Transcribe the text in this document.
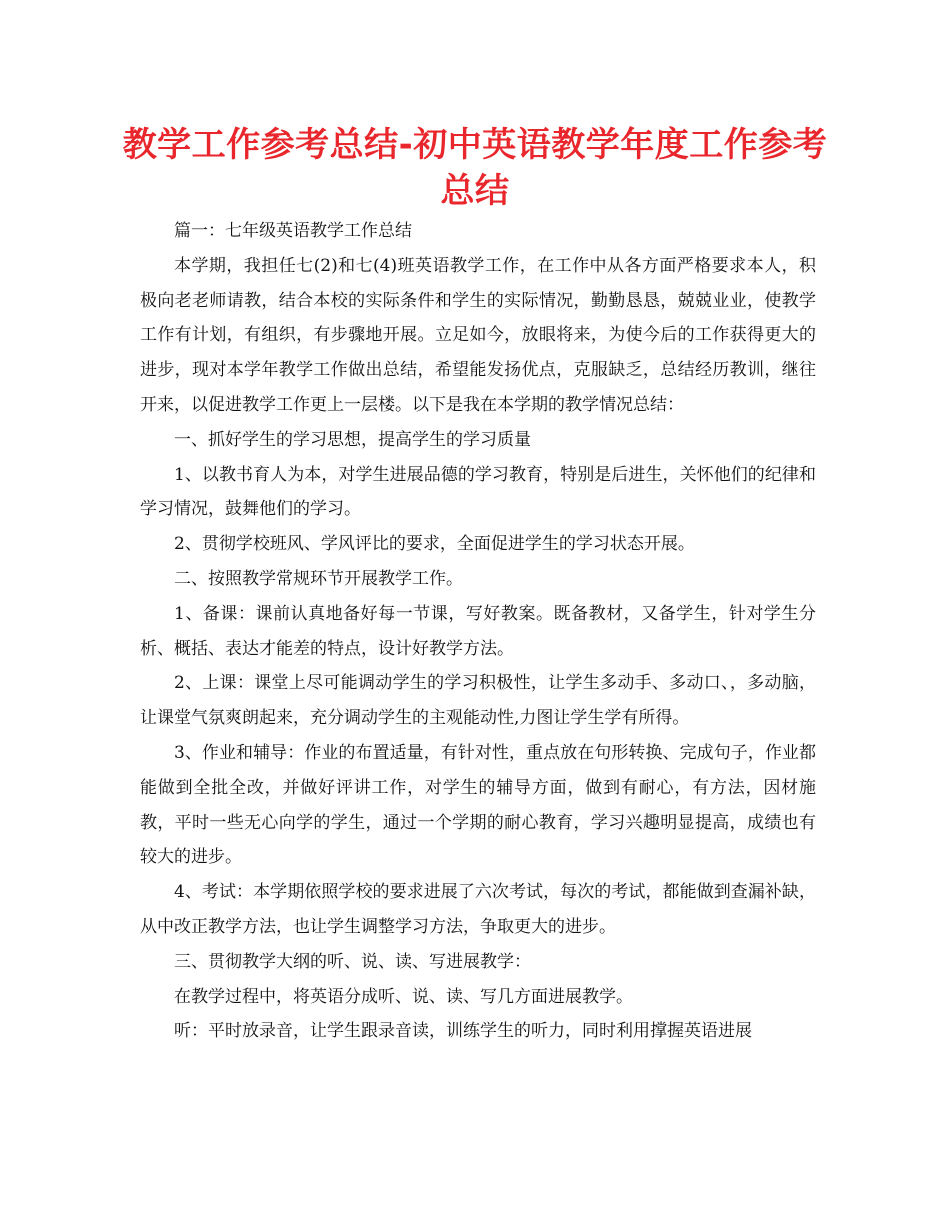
教学工作参考总结-初中英语教学年度工作参考总结

篇一：七年级英语教学工作总结

本学期，我担任七(2)和七(4)班英语教学工作，在工作中从各方面严格要求本人，积极向老老师请教，结合本校的实际条件和学生的实际情况，勤勤恳恳，兢兢业业，使教学工作有计划，有组织，有步骤地开展。立足如今，放眼将来，为使今后的工作获得更大的进步，现对本学年教学工作做出总结，希望能发扬优点，克服缺乏，总结经历教训，继往开来，以促进教学工作更上一层楼。以下是我在本学期的教学情况总结：

一、抓好学生的学习思想，提高学生的学习质量

1、以教书育人为本，对学生进展品德的学习教育，特别是后进生，关怀他们的纪律和学习情况，鼓舞他们的学习。

2、贯彻学校班风、学风评比的要求，全面促进学生的学习状态开展。

二、按照教学常规环节开展教学工作。

1、备课：课前认真地备好每一节课，写好教案。既备教材，又备学生，针对学生分析、概括、表达才能差的特点，设计好教学方法。

2、上课：课堂上尽可能调动学生的学习积极性，让学生多动手、多动口、，多动脑，让课堂气氛爽朗起来，充分调动学生的主观能动性,力图让学生学有所得。

3、作业和辅导：作业的布置适量，有针对性，重点放在句形转换、完成句子，作业都能做到全批全改，并做好评讲工作，对学生的辅导方面，做到有耐心，有方法，因材施教，平时一些无心向学的学生，通过一个学期的耐心教育，学习兴趣明显提高，成绩也有较大的进步。

4、考试：本学期依照学校的要求进展了六次考试，每次的考试，都能做到查漏补缺，从中改正教学方法，也让学生调整学习方法，争取更大的进步。

三、贯彻教学大纲的听、说、读、写进展教学：

在教学过程中，将英语分成听、说、读、写几方面进展教学。

听：平时放录音，让学生跟录音读，训练学生的听力，同时利用撑握英语进展
